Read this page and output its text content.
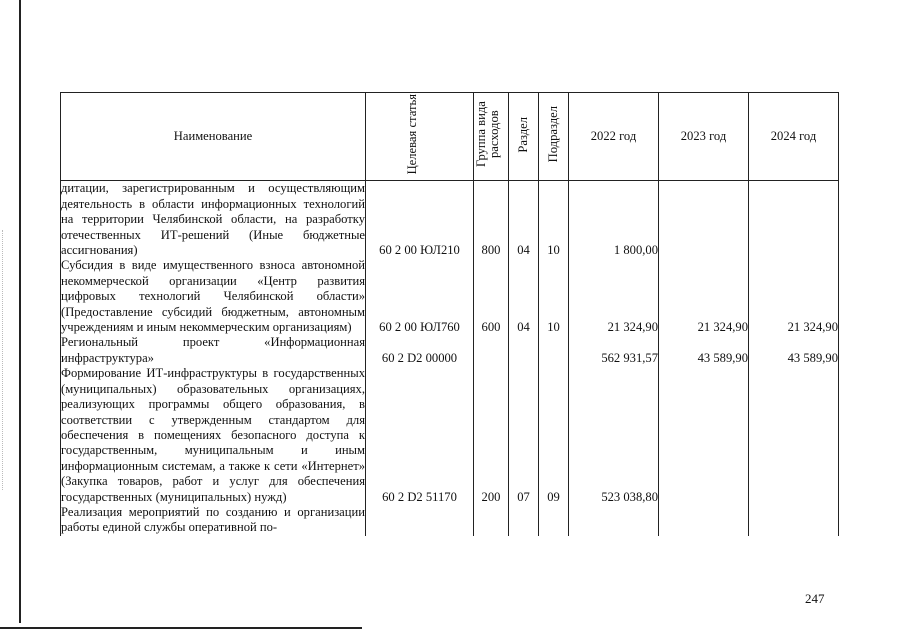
Наименование	Целевая статья	Группа вида расходов	Раздел	Подраздел	2022 год	2023 год	2024 год
дитации, зарегистрированным и осуществляющим деятельность в области информационных технологий на территории Челябинской области, на разработку отечественных ИТ-решений (Иные бюджетные ассигнования)	60 2 00 ЮЛ210	800	04	10	1 800,00		
Субсидия в виде имущественного взноса автономной некоммерческой организации «Центр развития цифровых технологий Челябинской области» (Предоставление субсидий бюджетным, автономным учреждениям и иным некоммерческим организациям)	60 2 00 ЮЛ760	600	04	10	21 324,90	21 324,90	21 324,90
Региональный проект «Информационная инфраструктура»	60 2 D2 00000				562 931,57	43 589,90	43 589,90
Формирование ИТ-инфраструктуры в государственных (муниципальных) образовательных организациях, реализующих программы общего образования, в соответствии с утвержденным стандартом для обеспечения в помещениях безопасного доступа к государственным, муниципальным и иным информационным системам, а также к сети «Интернет» (Закупка товаров, работ и услуг для обеспечения государственных (муниципальных) нужд)	60 2 D2 51170	200	07	09	523 038,80		
Реализация мероприятий по созданию и организации работы единой службы оперативной по-							
247
